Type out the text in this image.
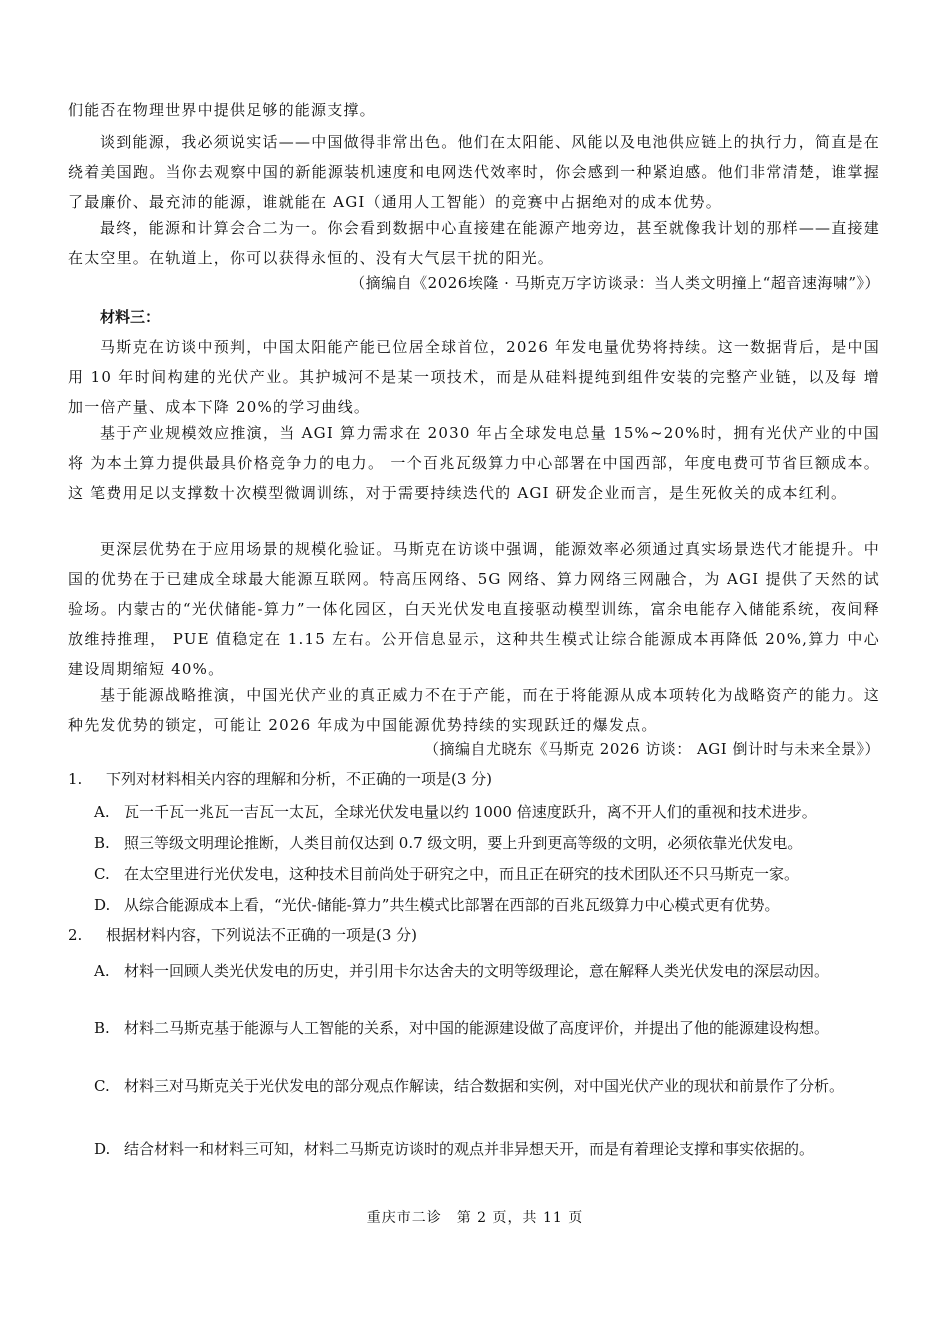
们能否在物理世界中提供足够的能源支撑。
谈到能源，我必须说实话——中国做得非常出色。他们在太阳能、风能以及电池供应链上的执行力，简直是在绕着美国跑。当你去观察中国的新能源装机速度和电网迭代效率时，你会感到一种紧迫感。他们非常清楚，谁掌握了最廉价、最充沛的能源，谁就能在 AGI（通用人工智能）的竞赛中占据绝对的成本优势。
最终，能源和计算会合二为一。你会看到数据中心直接建在能源产地旁边，甚至就像我计划的那样——直接建在太空里。在轨道上，你可以获得永恒的、没有大气层干扰的阳光。
（摘编自《2026埃隆 · 马斯克万字访谈录：当人类文明撞上“超音速海啸”》）
材料三：
马斯克在访谈中预判，中国太阳能产能已位居全球首位，2026 年发电量优势将持续。这一数据背后，是中国用 10 年时间构建的光伏产业。其护城河不是某一项技术，而是从硅料提纯到组件安装的完整产业链，以及每 增加一倍产量、成本下降 20%的学习曲线。
基于产业规模效应推演，当 AGI 算力需求在 2030 年占全球发电总量 15%~20%时，拥有光伏产业的中国将 为本土算力提供最具价格竞争力的电力。 一个百兆瓦级算力中心部署在中国西部，年度电费可节省巨额成本。这 笔费用足以支撑数十次模型微调训练，对于需要持续迭代的 AGI 研发企业而言，是生死攸关的成本红利。
更深层优势在于应用场景的规模化验证。马斯克在访谈中强调，能源效率必须通过真实场景迭代才能提升。中国的优势在于已建成全球最大能源互联网。特高压网络、5G 网络、算力网络三网融合，为 AGI 提供了天然的试验场。内蒙古的“光伏储能-算力”一体化园区，白天光伏发电直接驱动模型训练，富余电能存入储能系统，夜间释放维持推理， PUE 值稳定在 1.15 左右。公开信息显示，这种共生模式让综合能源成本再降低 20%,算力 中心建设周期缩短 40%。
基于能源战略推演，中国光伏产业的真正威力不在于产能，而在于将能源从成本项转化为战略资产的能力。这种先发优势的锁定，可能让 2026 年成为中国能源优势持续的实现跃迁的爆发点。
（摘编自尤晓东《马斯克 2026 访谈： AGI 倒计时与未来全景》）
1. 下列对材料相关内容的理解和分析，不正确的一项是(3 分)
A. 瓦一千瓦一兆瓦一吉瓦一太瓦，全球光伏发电量以约 1000 倍速度跃升，离不开人们的重视和技术进步。
B. 照三等级文明理论推断，人类目前仅达到 0.7 级文明，要上升到更高等级的文明，必须依靠光伏发电。
C. 在太空里进行光伏发电，这种技术目前尚处于研究之中，而且正在研究的技术团队还不只马斯克一家。
D. 从综合能源成本上看，“光伏-储能-算力”共生模式比部署在西部的百兆瓦级算力中心模式更有优势。
2. 根据材料内容，下列说法不正确的一项是(3 分)
A. 材料一回顾人类光伏发电的历史，并引用卡尔达舍夫的文明等级理论，意在解释人类光伏发电的深层动因。
B. 材料二马斯克基于能源与人工智能的关系，对中国的能源建设做了高度评价，并提出了他的能源建设构想。
C. 材料三对马斯克关于光伏发电的部分观点作解读，结合数据和实例，对中国光伏产业的现状和前景作了分析。
D. 结合材料一和材料三可知，材料二马斯克访谈时的观点并非异想天开，而是有着理论支撑和事实依据的。
重庆市二诊　第 2 页，共 11 页
